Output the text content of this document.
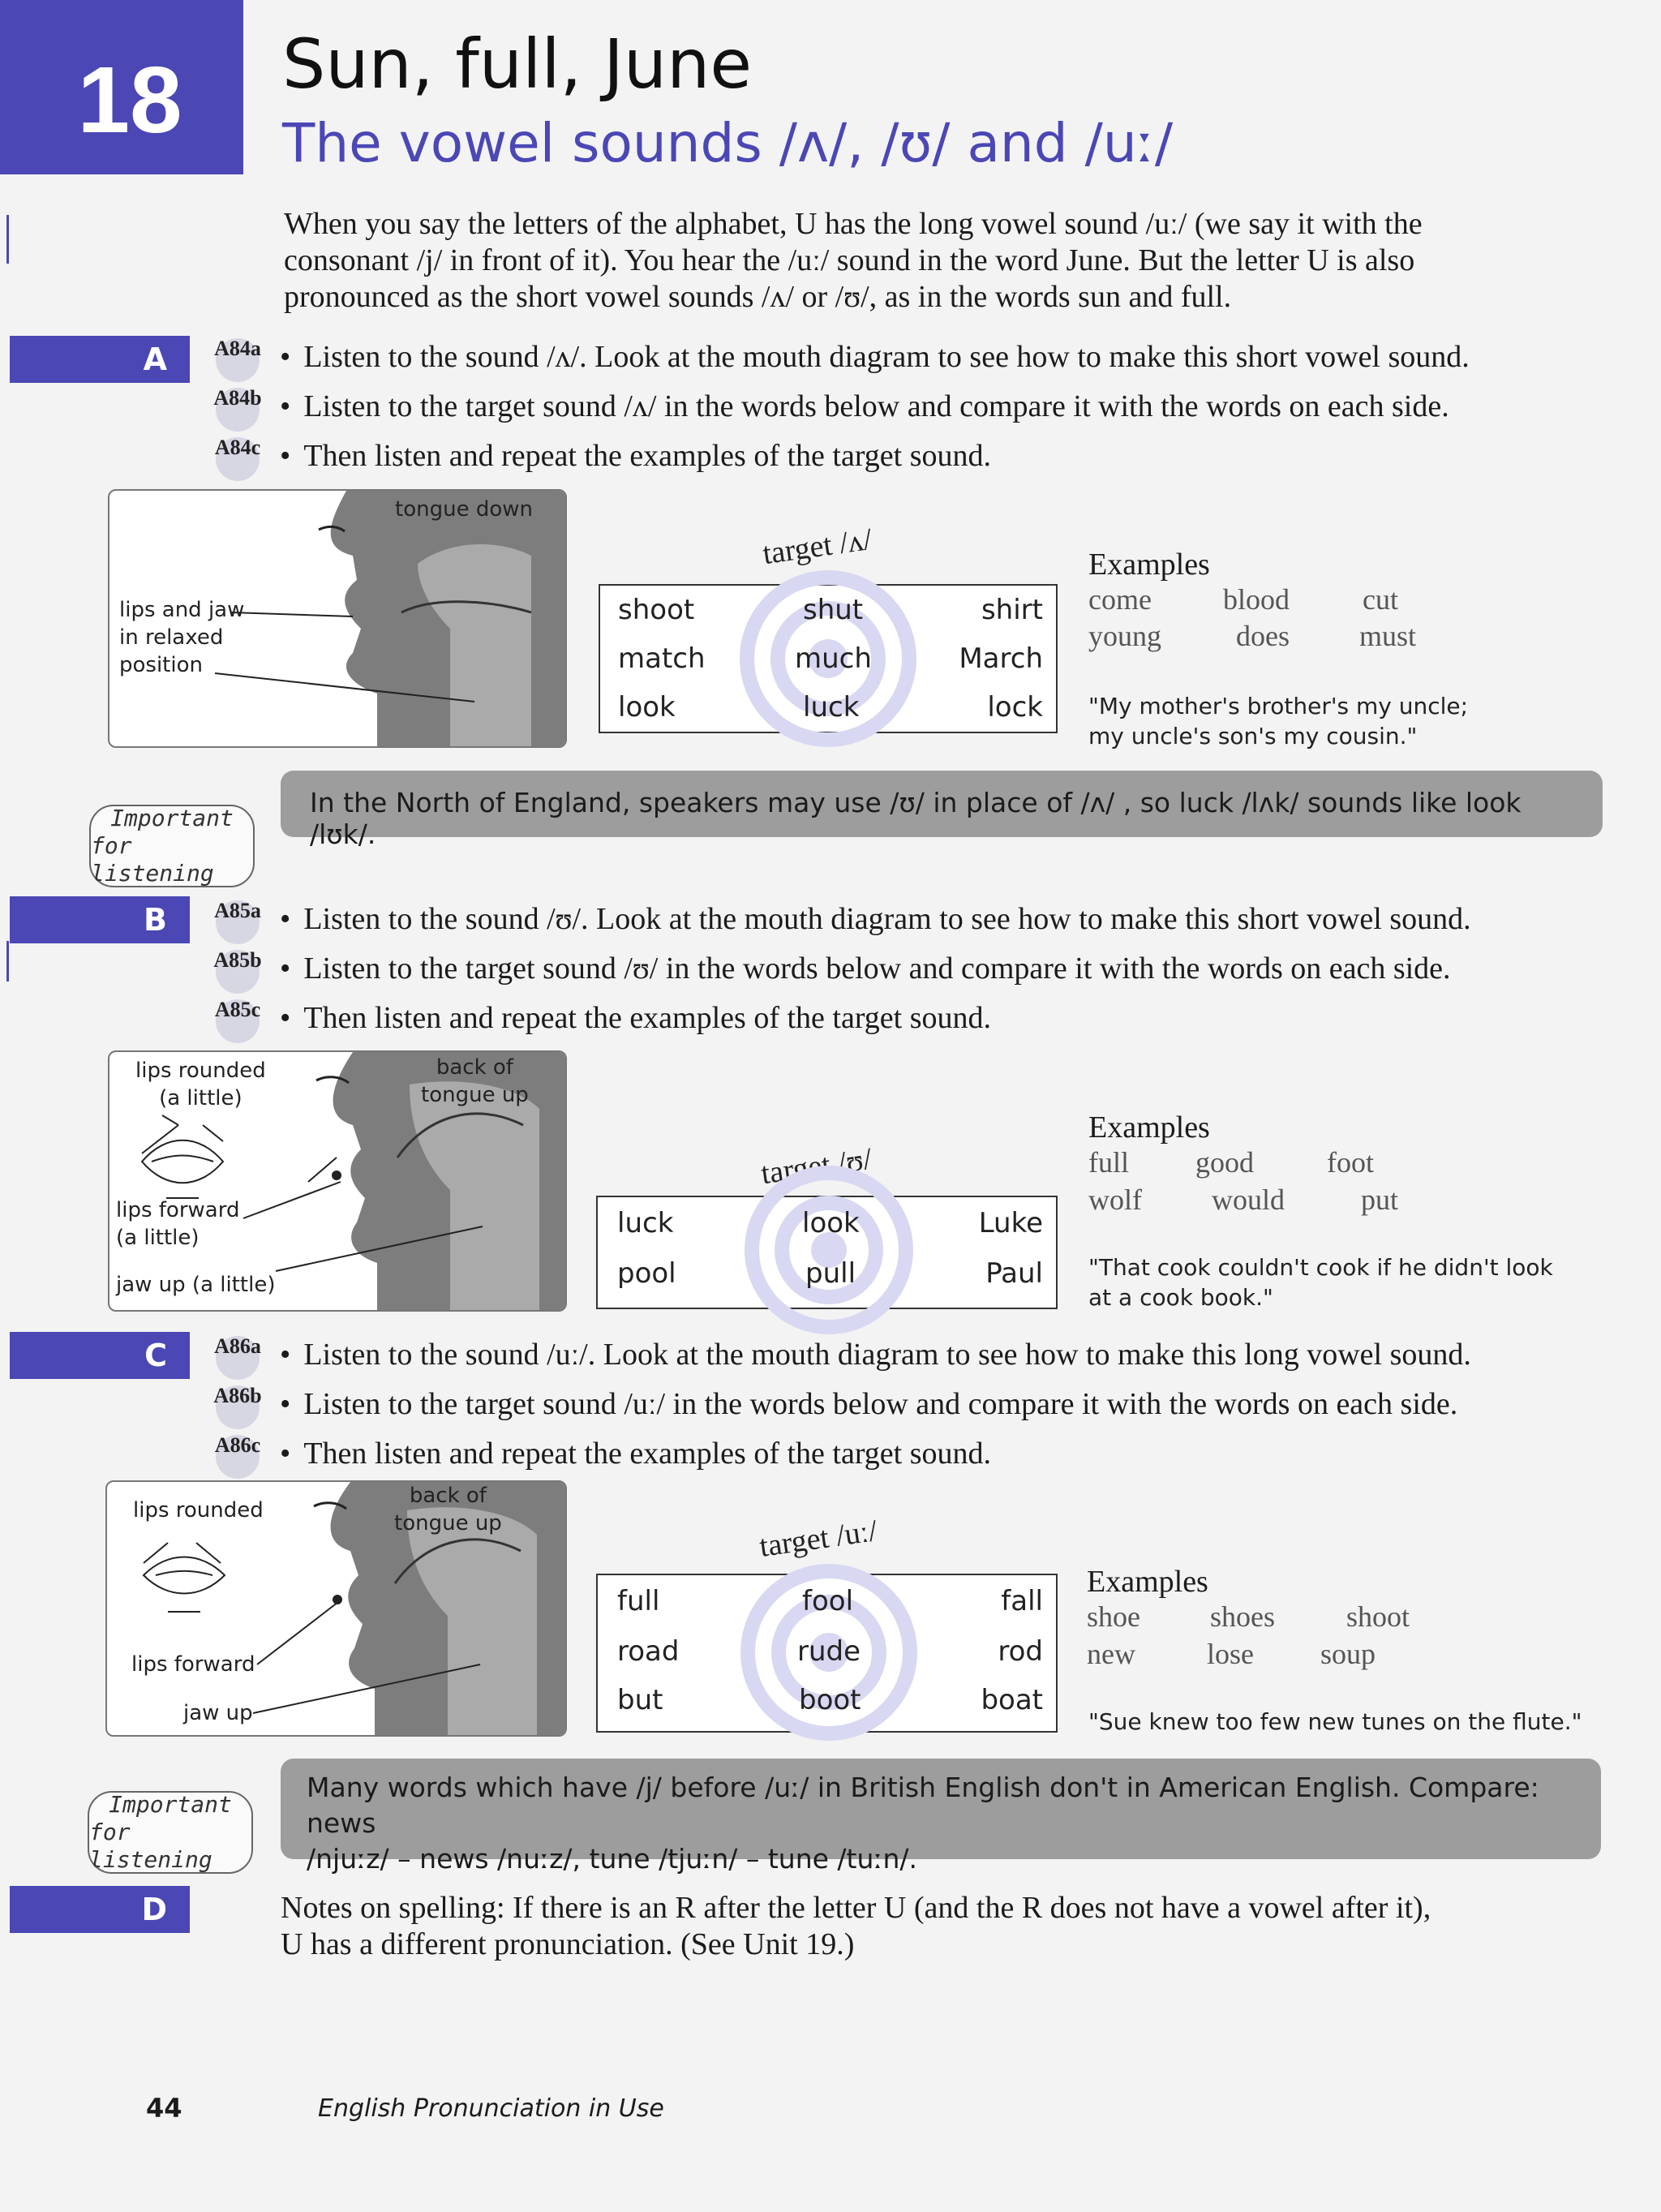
18 Sun, full, June
The vowel sounds /ʌ/, /ʊ/ and /uː/
When you say the letters of the alphabet, U has the long vowel sound /uː/ (we say it with the
consonant /j/ in front of it). You hear the /uː/ sound in the word June. But the letter U is also
pronounced as the short vowel sounds /ʌ/ or /ʊ/, as in the words sun and full.
A	A84a
A84b
A84c
• Listen to the sound /ʌ/. Look at the mouth diagram to see how to make this short vowel sound.
• Listen to the target sound /ʌ/ in the words below and compare it with the words on each side.
• Then listen and repeat the examples of the target sound.
tongue down
lips and jaw
in relaxed
position
target /ʌ/
shoot	shut	shirt
match	much	March
look	luck	lock
Examples
come blood cut
young	does must
"My mother's brother's my uncle;
my uncle's son's my cousin."
Important
for listening
In the North of England, speakers may use /ʊ/ in place of /ʌ/ , so luck /lʌk/ sounds like look /lʊk/.
B	A85a
A85b
A85c
• Listen to the sound /ʊ/. Look at the mouth diagram to see how to make this short vowel sound.
• Listen to the target sound /ʊ/ in the words below and compare it with the words on each side.
• Then listen and repeat the examples of the target sound.
lips rounded
(a little)
back of
tongue up
lips forward
(a little)
jaw up (a little)
target /ʊ/
luck	look	Luke
pool	pull	Paul
Examples
full good	foot
wolf would	put
"That cook couldn't cook if he didn't look
at a cook book."
C	A86a
A86b
A86c
• Listen to the sound /uː/. Look at the mouth diagram to see how to make this long vowel sound.
• Listen to the target sound /uː/ in the words below and compare it with the words on each side.
• Then listen and repeat the examples of the target sound.
lips rounded
back of
tongue up
lips forward
jaw up
target /uː/
full	fool	fall
road	rude	rod
but	boot	boat
Examples
shoe shoes shoot
new lose soup
"Sue knew too few new tunes on the flute."
Important
for listening
Many words which have /j/ before /uː/ in British English don't in American English. Compare: news
/njuːz/ – news /nuːz/, tune /tjuːn/ – tune /tuːn/.
D	Notes on spelling: If there is an R after the letter U (and the R does not have a vowel after it),
U has a different pronunciation. (See Unit 19.)
44	English Pronunciation in Use
